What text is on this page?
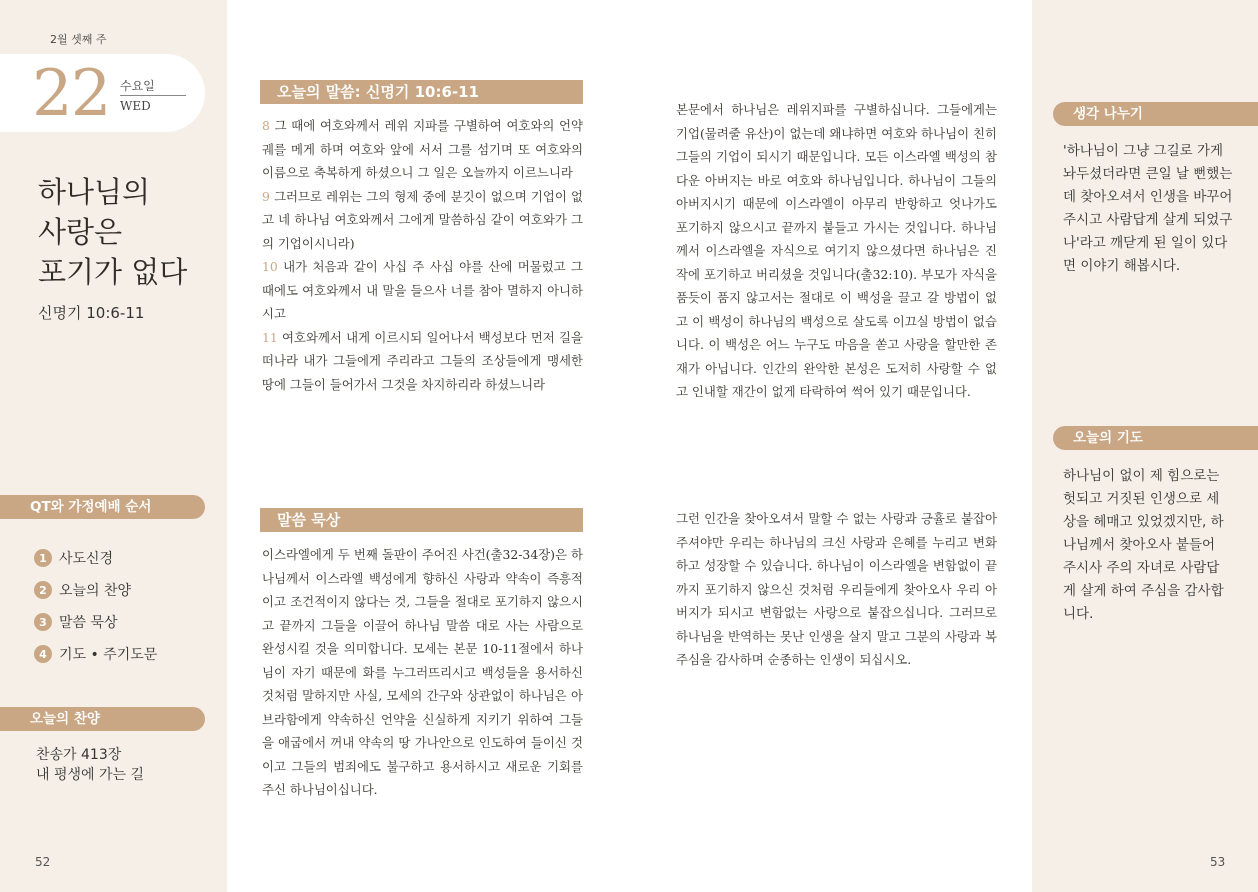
2월 셋째 주
22 수요일
WED
하나님의
사랑은
포기가 없다
신명기 10:6-11
QT와 가정예배 순서
1 사도신경
2 오늘의 찬양
3 말씀 묵상
4 기도 • 주기도문
오늘의 찬양
찬송가 413장
내 평생에 가는 길
52
오늘의 말씀: 신명기 10:6-11
8 그 때에 여호와께서 레위 지파를 구별하여 여호와의 언약 궤를 메게 하며 여호와 앞에 서서 그를 섬기며 또 여호와의 이름으로 축복하게 하셨으니 그 일은 오늘까지 이르느니라
9 그러므로 레위는 그의 형제 중에 분깃이 없으며 기업이 없고 네 하나님 여호와께서 그에게 말씀하심 같이 여호와가 그의 기업이시니라)
10 내가 처음과 같이 사십 주 사십 야를 산에 머물렀고 그 때에도 여호와께서 내 말을 들으사 너를 참아 멸하지 아니하시고
11 여호와께서 내게 이르시되 일어나서 백성보다 먼저 길을 떠나라 내가 그들에게 주리라고 그들의 조상들에게 맹세한 땅에 그들이 들어가서 그것을 차지하리라 하셨느니라
말씀 묵상

이스라엘에게 두 번째 돌판이 주어진 사건(출32-34장)은 하나님께서 이스라엘 백성에게 향하신 사랑과 약속이 즉흥적이고 조건적이지 않다는 것, 그들을 절대로 포기하지 않으시고 끝까지 그들을 이끌어 하나님 말씀 대로 사는 사람으로 완성시킬 것을 의미합니다. 모세는 본문 10-11절에서 하나님이 자기 때문에 화를 누그러뜨리시고 백성들을 용서하신 것처럼 말하지만 사실, 모세의 간구와 상관없이 하나님은 아브라함에게 약속하신 언약을 신실하게 지키기 위하여 그들을 애굽에서 꺼내 약속의 땅 가나안으로 인도하여 들이신 것이고 그들의 범죄에도 불구하고 용서하시고 새로운 기회를 주신 하나님이십니다.

본문에서 하나님은 레위지파를 구별하십니다. 그들에게는 기업(물려줄 유산)이 없는데 왜냐하면 여호와 하나님이 친히 그들의 기업이 되시기 때문입니다. 모든 이스라엘 백성의 참다운 아버지는 바로 여호와 하나님입니다. 하나님이 그들의 아버지시기 때문에 이스라엘이 아무리 반항하고 엇나가도 포기하지 않으시고 끝까지 붙들고 가시는 것입니다. 하나님께서 이스라엘을 자식으로 여기지 않으셨다면 하나님은 진작에 포기하고 버리셨을 것입니다(출32:10). 부모가 자식을 품듯이 품지 않고서는 절대로 이 백성을 끌고 갈 방법이 없고 이 백성이 하나님의 백성으로 살도록 이끄실 방법이 없습니다. 이 백성은 어느 누구도 마음을 쏟고 사랑을 할만한 존재가 아닙니다. 인간의 완악한 본성은 도저히 사랑할 수 없고 인내할 재간이 없게 타락하여 썩어 있기 때문입니다.

그런 인간을 찾아오셔서 말할 수 없는 사랑과 긍휼로 붙잡아 주셔야만 우리는 하나님의 크신 사랑과 은혜를 누리고 변화하고 성장할 수 있습니다. 하나님이 이스라엘을 변함없이 끝까지 포기하지 않으신 것처럼 우리들에게 찾아오사 우리 아버지가 되시고 변함없는 사랑으로 붙잡으십니다. 그러므로 하나님을 반역하는 못난 인생을 살지 말고 그분의 사랑과 복주심을 감사하며 순종하는 인생이 되십시오.

생각 나누기

'하나님이 그냥 그길로 가게 놔두셨더라면 큰일 날 뻔했는데 찾아오셔서 인생을 바꾸어 주시고 사람답게 살게 되었구나'라고 깨닫게 된 일이 있다면 이야기 해봅시다.

오늘의 기도

하나님이 없이 제 힘으로는 헛되고 거짓된 인생으로 세상을 헤매고 있었겠지만, 하나님께서 찾아오사 붙들어 주시사 주의 자녀로 사람답게 살게 하여 주심을 감사합니다.

53
